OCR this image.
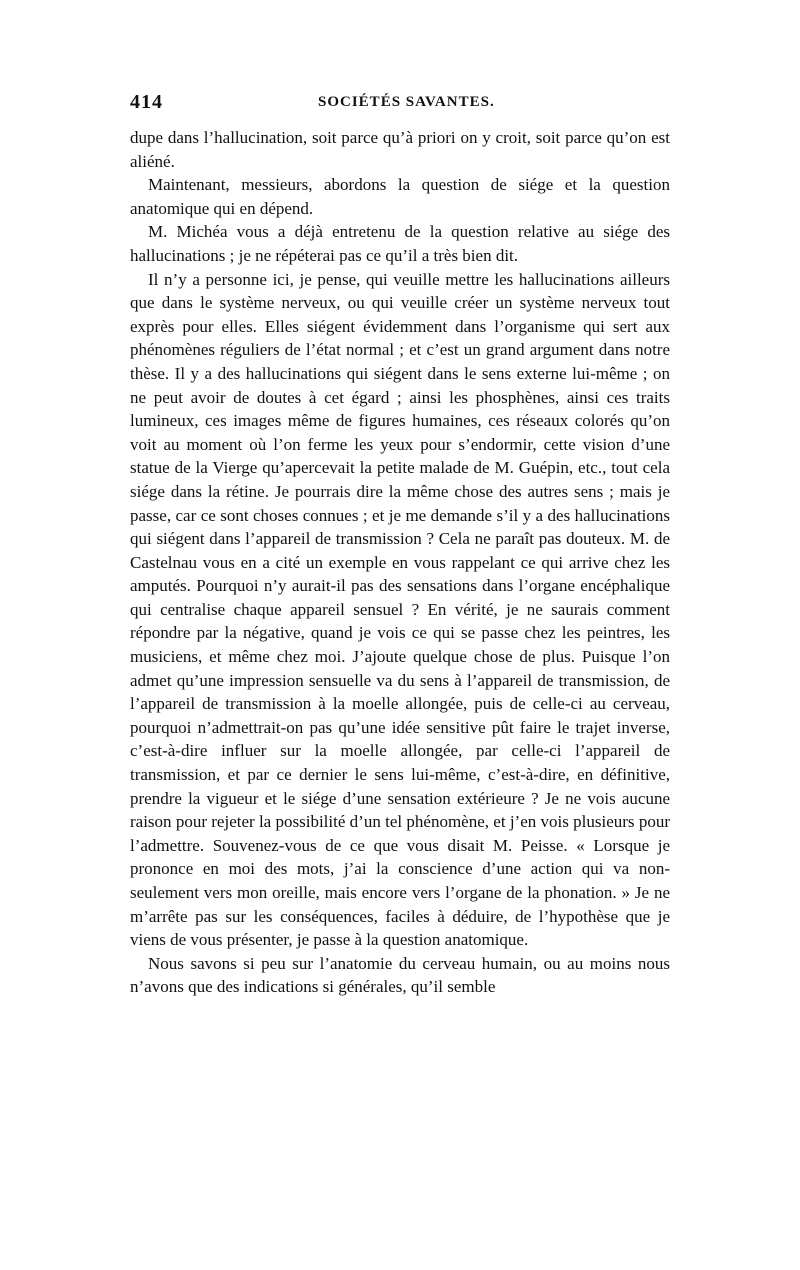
414	SOCIÉTÉS SAVANTES.

dupe dans l’hallucination, soit parce qu’à priori on y croit, soit parce qu’on est aliéné.

Maintenant, messieurs, abordons la question de siége et la question anatomique qui en dépend.

M. Michéa vous a déjà entretenu de la question relative au siége des hallucinations ; je ne répéterai pas ce qu’il a très bien dit.

Il n’y a personne ici, je pense, qui veuille mettre les hallucinations ailleurs que dans le système nerveux, ou qui veuille créer un système nerveux tout exprès pour elles. Elles siégent évidemment dans l’organisme qui sert aux phénomènes réguliers de l’état normal ; et c’est un grand argument dans notre thèse. Il y a des hallucinations qui siégent dans le sens externe lui-même ; on ne peut avoir de doutes à cet égard ; ainsi les phosphènes, ainsi ces traits lumineux, ces images même de figures humaines, ces réseaux colorés qu’on voit au moment où l’on ferme les yeux pour s’endormir, cette vision d’une statue de la Vierge qu’apercevait la petite malade de M. Guépin, etc., tout cela siége dans la rétine. Je pourrais dire la même chose des autres sens ; mais je passe, car ce sont choses connues ; et je me demande s’il y a des hallucinations qui siégent dans l’appareil de transmission ? Cela ne paraît pas douteux. M. de Castelnau vous en a cité un exemple en vous rappelant ce qui arrive chez les amputés. Pourquoi n’y aurait-il pas des sensations dans l’organe encéphalique qui centralise chaque appareil sensuel ? En vérité, je ne saurais comment répondre par la négative, quand je vois ce qui se passe chez les peintres, les musiciens, et même chez moi. J’ajoute quelque chose de plus. Puisque l’on admet qu’une impression sensuelle va du sens à l’appareil de transmission, de l’appareil de transmission à la moelle allongée, puis de celle-ci au cerveau, pourquoi n’admettrait-on pas qu’une idée sensitive pût faire le trajet inverse, c’est-à-dire influer sur la moelle allongée, par celle-ci l’appareil de transmission, et par ce dernier le sens lui-même, c’est-à-dire, en définitive, prendre la vigueur et le siége d’une sensation extérieure ? Je ne vois aucune raison pour rejeter la possibilité d’un tel phénomène, et j’en vois plusieurs pour l’admettre. Souvenez-vous de ce que vous disait M. Peisse. « Lorsque je prononce en moi des mots, j’ai la conscience d’une action qui va non-seulement vers mon oreille, mais encore vers l’organe de la phonation. » Je ne m’arrête pas sur les conséquences, faciles à déduire, de l’hypothèse que je viens de vous présenter, je passe à la question anatomique.

Nous savons si peu sur l’anatomie du cerveau humain, ou au moins nous n’avons que des indications si générales, qu’il semble
